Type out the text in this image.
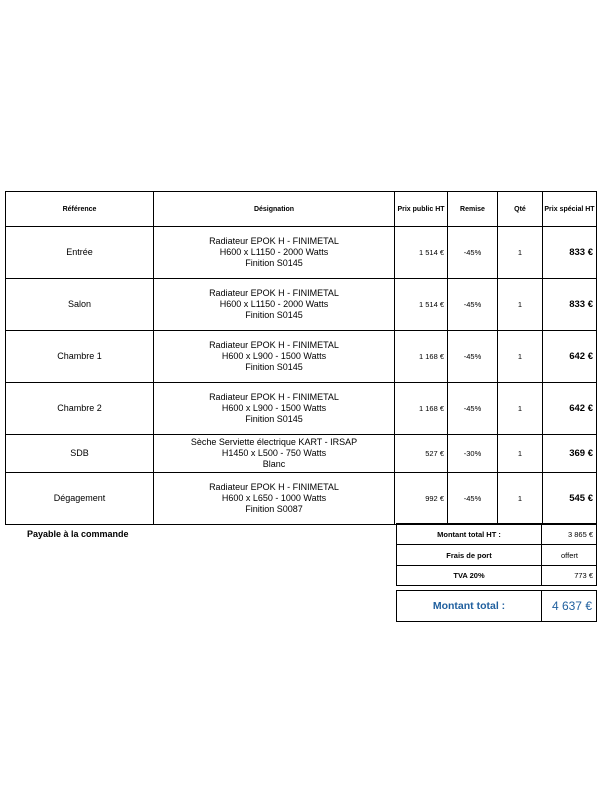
Référence	Désignation	Prix public HT	Remise	Qté	Prix spécial HT
Entrée	Radiateur EPOK H - FINIMETAL
H600 x L1150 - 2000 Watts
Finition S0145	1 514 €	-45%	1	833 €
Salon	Radiateur EPOK H - FINIMETAL
H600 x L1150 - 2000 Watts
Finition S0145	1 514 €	-45%	1	833 €
Chambre 1	Radiateur EPOK H - FINIMETAL
H600 x L900 - 1500 Watts
Finition S0145	1 168 €	-45%	1	642 €
Chambre 2	Radiateur EPOK H - FINIMETAL
H600 x L900 - 1500 Watts
Finition S0145	1 168 €	-45%	1	642 €
SDB	Sèche Serviette électrique KART - IRSAP
H1450 x L500 - 750 Watts
Blanc	527 €	-30%	1	369 €
Dégagement	Radiateur EPOK H - FINIMETAL
H600 x L650 - 1000 Watts
Finition S0087	992 €	-45%	1	545 €
Payable à la commande	Montant total HT :	3 865 €
Frais de port	offert
TVA 20%	773 €

Montant total :	4 637 €
